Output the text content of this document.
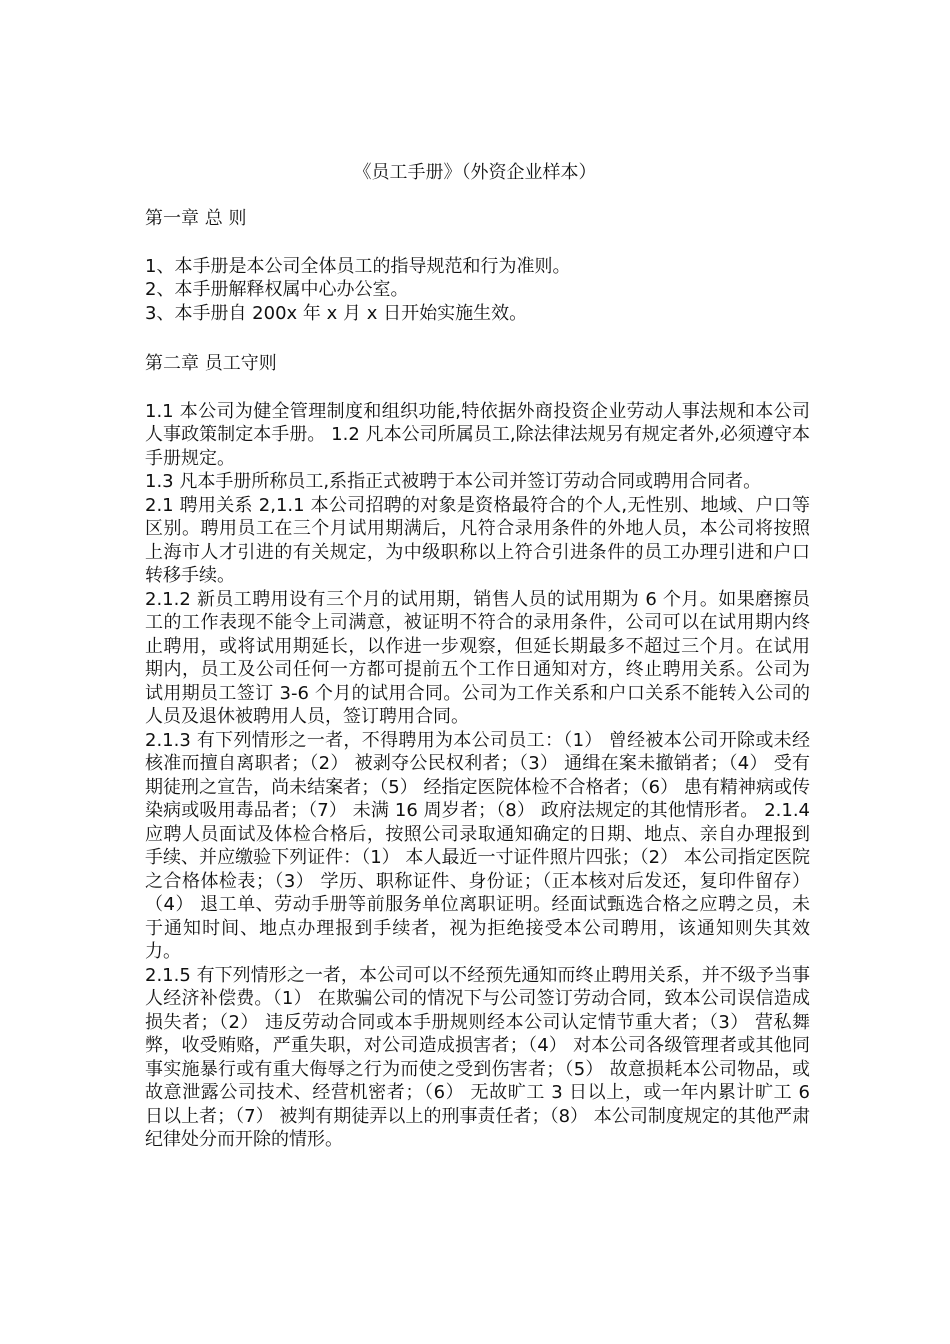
《员工手册》（外资企业样本）
第一章 总 则

1、本手册是本公司全体员工的指导规范和行为准则。

2、本手册解释权属中心办公室。

3、本手册自 200x 年 x 月 x 日开始实施生效。

第二章 员工守则

1.1 本公司为健全管理制度和组织功能,特依据外商投资企业劳动人事法规和本公司人事政策制定本手册。 1.2 凡本公司所属员工,除法律法规另有规定者外,必须遵守本手册规定。

1.3 凡本手册所称员工,系指正式被聘于本公司并签订劳动合同或聘用合同者。

2.1 聘用关系 2,1.1 本公司招聘的对象是资格最符合的个人,无性别、地域、户口等区别。聘用员工在三个月试用期满后，凡符合录用条件的外地人员，本公司将按照上海市人才引进的有关规定，为中级职称以上符合引进条件的员工办理引进和户口转移手续。

2.1.2 新员工聘用设有三个月的试用期，销售人员的试用期为 6 个月。如果磨擦员工的工作表现不能令上司满意，被证明不符合的录用条件，公司可以在试用期内终止聘用，或将试用期延长，以作进一步观察，但延长期最多不超过三个月。在试用期内，员工及公司任何一方都可提前五个工作日通知对方，终止聘用关系。公司为试用期员工签订 3-6 个月的试用合同。公司为工作关系和户口关系不能转入公司的人员及退休被聘用人员，签订聘用合同。

2.1.3 有下列情形之一者，不得聘用为本公司员工：（1） 曾经被本公司开除或未经核准而擅自离职者；（2） 被剥夺公民权利者；（3） 通缉在案未撤销者；（4） 受有期徒刑之宣告，尚未结案者；（5） 经指定医院体检不合格者；（6） 患有精神病或传染病或吸用毒品者；（7） 未满 16 周岁者；（8） 政府法规定的其他情形者。 2.1.4 应聘人员面试及体检合格后，按照公司录取通知确定的日期、地点、亲自办理报到手续、并应缴验下列证件：（1） 本人最近一寸证件照片四张；（2） 本公司指定医院之合格体检表；（3） 学历、职称证件、身份证；（正本核对后发还，复印件留存）（4） 退工单、劳动手册等前服务单位离职证明。经面试甄选合格之应聘之员，未于通知时间、地点办理报到手续者，视为拒绝接受本公司聘用，该通知则失其效力。

2.1.5 有下列情形之一者，本公司可以不经预先通知而终止聘用关系，并不级予当事人经济补偿费。（1） 在欺骗公司的情况下与公司签订劳动合同，致本公司误信造成损失者；（2） 违反劳动合同或本手册规则经本公司认定情节重大者；（3） 营私舞弊，收受贿赂，严重失职，对公司造成损害者；（4） 对本公司各级管理者或其他同事实施暴行或有重大侮辱之行为而使之受到伤害者；（5） 故意损耗本公司物品，或故意泄露公司技术、经营机密者；（6） 无故旷工 3 日以上，或一年内累计旷工 6 日以上者；（7） 被判有期徒弄以上的刑事责任者；（8） 本公司制度规定的其他严肃纪律处分而开除的情形。
